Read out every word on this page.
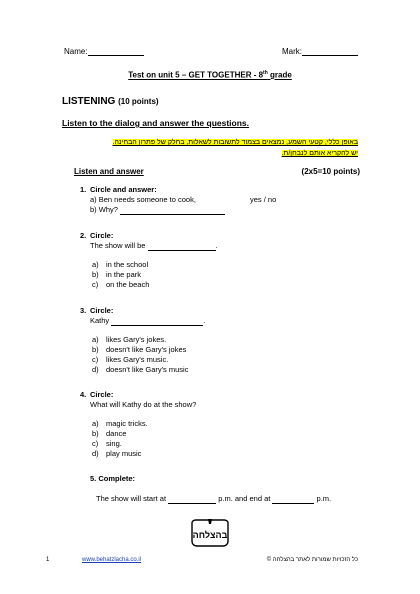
Name:	Mark:
Test on unit 5 – GET TOGETHER - 8th grade
LISTENING (10 points)
Listen to the dialog and answer the questions.
באופן כללי, קטעי השמע, נמצאים בצמוד לתשובות לשאלות, בחלק של פתרון הבחינה.
יש להקריא אותם לנבחן/ת.
Listen and answer	(2x5=10 points)
1. Circle and answer:
a) Ben needs someone to cook,	yes / no
b) Why?
2. Circle:
The show will be	.
a) in the school
b) in the park
c) on the beach
3. Circle:
Kathy	.
a) likes Gary's jokes.
b) doesn't like Gary's jokes
c) likes Gary's music.
d) doesn't like Gary's music
4. Circle:
What will Kathy do at the show?
a) magic tricks.
b) dance
c) sing.
d) play music
5. Complete:
The show will start at	p.m. and end at	p.m.
בהצלחה
1	www.behatzlacha.co.il	כל הזכויות שמורות לאתר בהצלחה ©
